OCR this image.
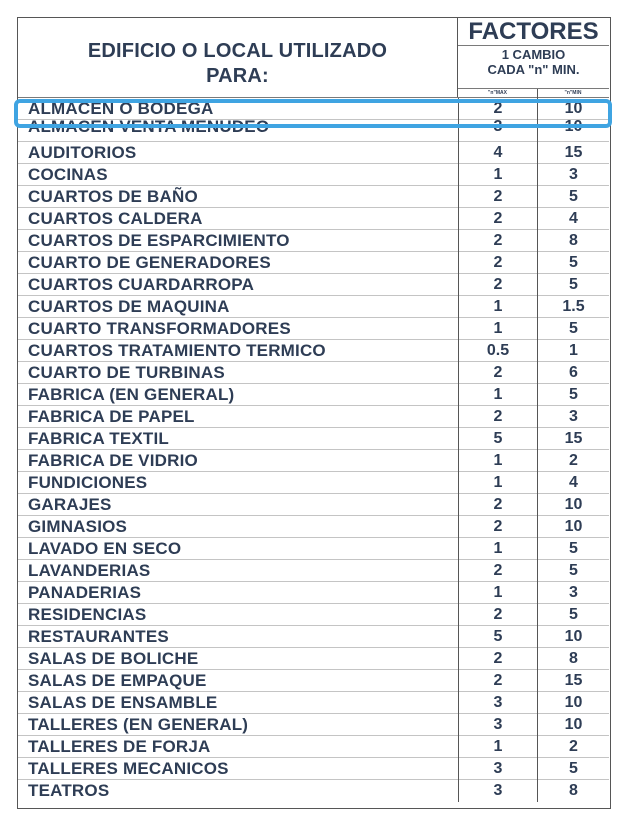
EDIFICIO O LOCAL UTILIZADO
PARA:
FACTORES
1 CAMBIO
CADA "n" MIN.
"n"MAX	"n"MIN
ALMACEN O BODEGA	2	10
ALMACEN VENTA MENUDEO	3	10
AUDITORIOS	4	15
COCINAS	1	3
CUARTOS DE BAÑO	2	5
CUARTOS CALDERA	2	4
CUARTOS DE ESPARCIMIENTO	2	8
CUARTO DE GENERADORES	2	5
CUARTOS CUARDARROPA	2	5
CUARTOS DE MAQUINA	1	1.5
CUARTO TRANSFORMADORES	1	5
CUARTOS TRATAMIENTO TERMICO	0.5	1
CUARTO DE TURBINAS	2	6
FABRICA (EN GENERAL)	1	5
FABRICA DE PAPEL	2	3
FABRICA TEXTIL	5	15
FABRICA DE VIDRIO	1	2
FUNDICIONES	1	4
GARAJES	2	10
GIMNASIOS	2	10
LAVADO EN SECO	1	5
LAVANDERIAS	2	5
PANADERIAS	1	3
RESIDENCIAS	2	5
RESTAURANTES	5	10
SALAS DE BOLICHE	2	8
SALAS DE EMPAQUE	2	15
SALAS DE ENSAMBLE	3	10
TALLERES (EN GENERAL)	3	10
TALLERES DE FORJA	1	2
TALLERES MECANICOS	3	5
TEATROS	3	8
